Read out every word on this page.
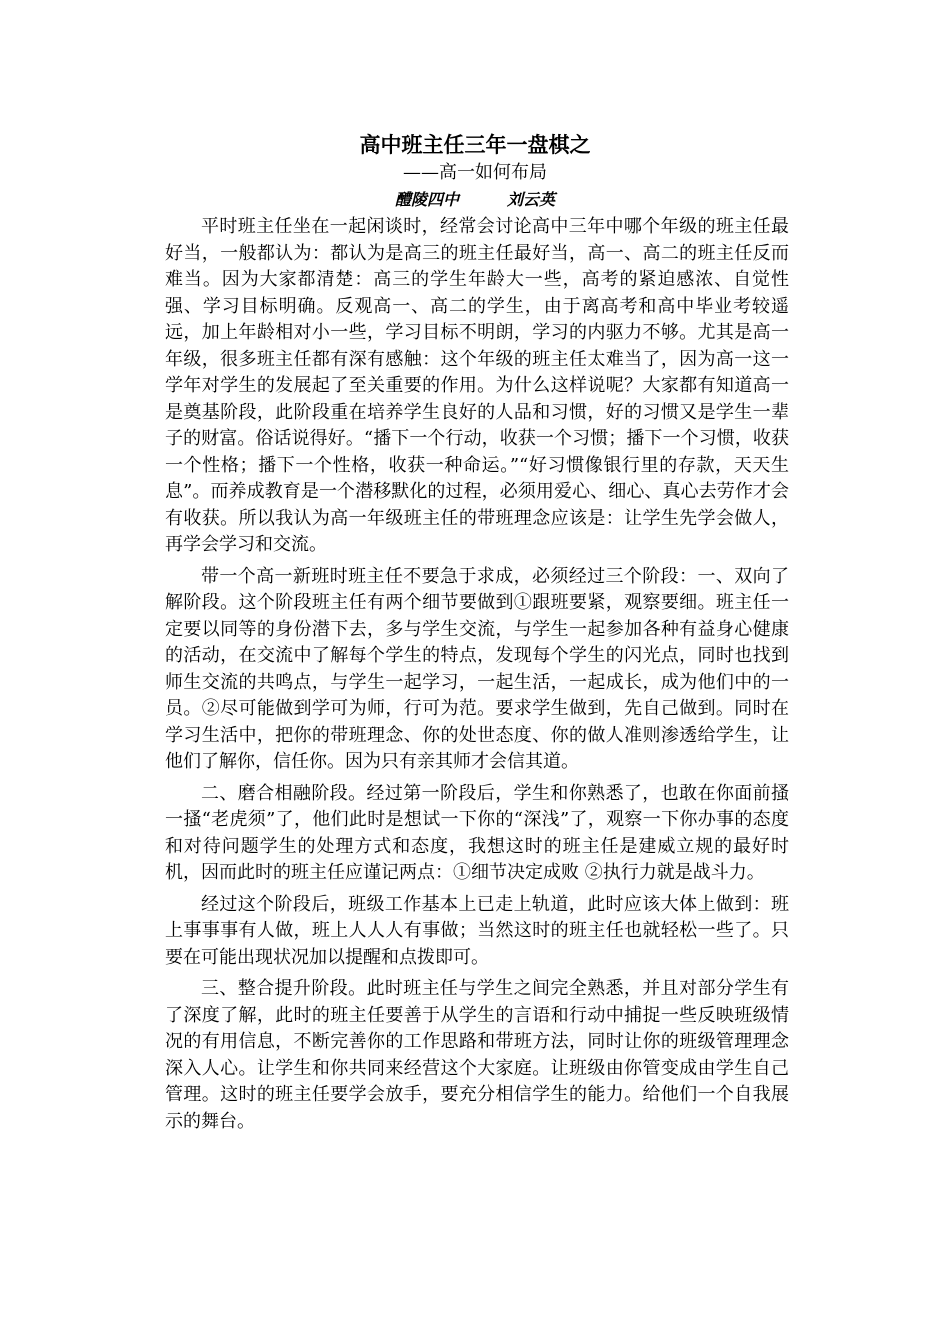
高中班主任三年一盘棋之
——高一如何布局
醴陵四中	刘云英

平时班主任坐在一起闲谈时，经常会讨论高中三年中哪个年级的班主任最好当，一般都认为：都认为是高三的班主任最好当，高一、高二的班主任反而难当。因为大家都清楚：高三的学生年龄大一些，高考的紧迫感浓、自觉性强、学习目标明确。反观高一、高二的学生，由于离高考和高中毕业考较遥远，加上年龄相对小一些，学习目标不明朗，学习的内驱力不够。尤其是高一年级，很多班主任都有深有感触：这个年级的班主任太难当了，因为高一这一学年对学生的发展起了至关重要的作用。为什么这样说呢？大家都有知道高一是奠基阶段，此阶段重在培养学生良好的人品和习惯，好的习惯又是学生一辈子的财富。俗话说得好。“播下一个行动，收获一个习惯；播下一个习惯，收获一个性格；播下一个性格，收获一种命运。”“好习惯像银行里的存款，天天生息”。而养成教育是一个潜移默化的过程，必须用爱心、细心、真心去劳作才会有收获。所以我认为高一年级班主任的带班理念应该是：让学生先学会做人，再学会学习和交流。

带一个高一新班时班主任不要急于求成，必须经过三个阶段：一、双向了解阶段。这个阶段班主任有两个细节要做到①跟班要紧，观察要细。班主任一定要以同等的身份潜下去，多与学生交流，与学生一起参加各种有益身心健康的活动，在交流中了解每个学生的特点，发现每个学生的闪光点，同时也找到师生交流的共鸣点，与学生一起学习，一起生活，一起成长，成为他们中的一员。②尽可能做到学可为师，行可为范。要求学生做到，先自己做到。同时在学习生活中，把你的带班理念、你的处世态度、你的做人准则渗透给学生，让他们了解你，信任你。因为只有亲其师才会信其道。

二、磨合相融阶段。经过第一阶段后，学生和你熟悉了，也敢在你面前搔一搔“老虎须”了，他们此时是想试一下你的“深浅”了，观察一下你办事的态度和对待问题学生的处理方式和态度，我想这时的班主任是建威立规的最好时机，因而此时的班主任应谨记两点：①细节决定成败 ②执行力就是战斗力。

经过这个阶段后，班级工作基本上已走上轨道，此时应该大体上做到：班上事事事有人做，班上人人人有事做；当然这时的班主任也就轻松一些了。只要在可能出现状况加以提醒和点拨即可。

三、整合提升阶段。此时班主任与学生之间完全熟悉，并且对部分学生有了深度了解，此时的班主任要善于从学生的言语和行动中捕捉一些反映班级情况的有用信息，不断完善你的工作思路和带班方法，同时让你的班级管理理念深入人心。让学生和你共同来经营这个大家庭。让班级由你管变成由学生自己管理。这时的班主任要学会放手，要充分相信学生的能力。给他们一个自我展示的舞台。
